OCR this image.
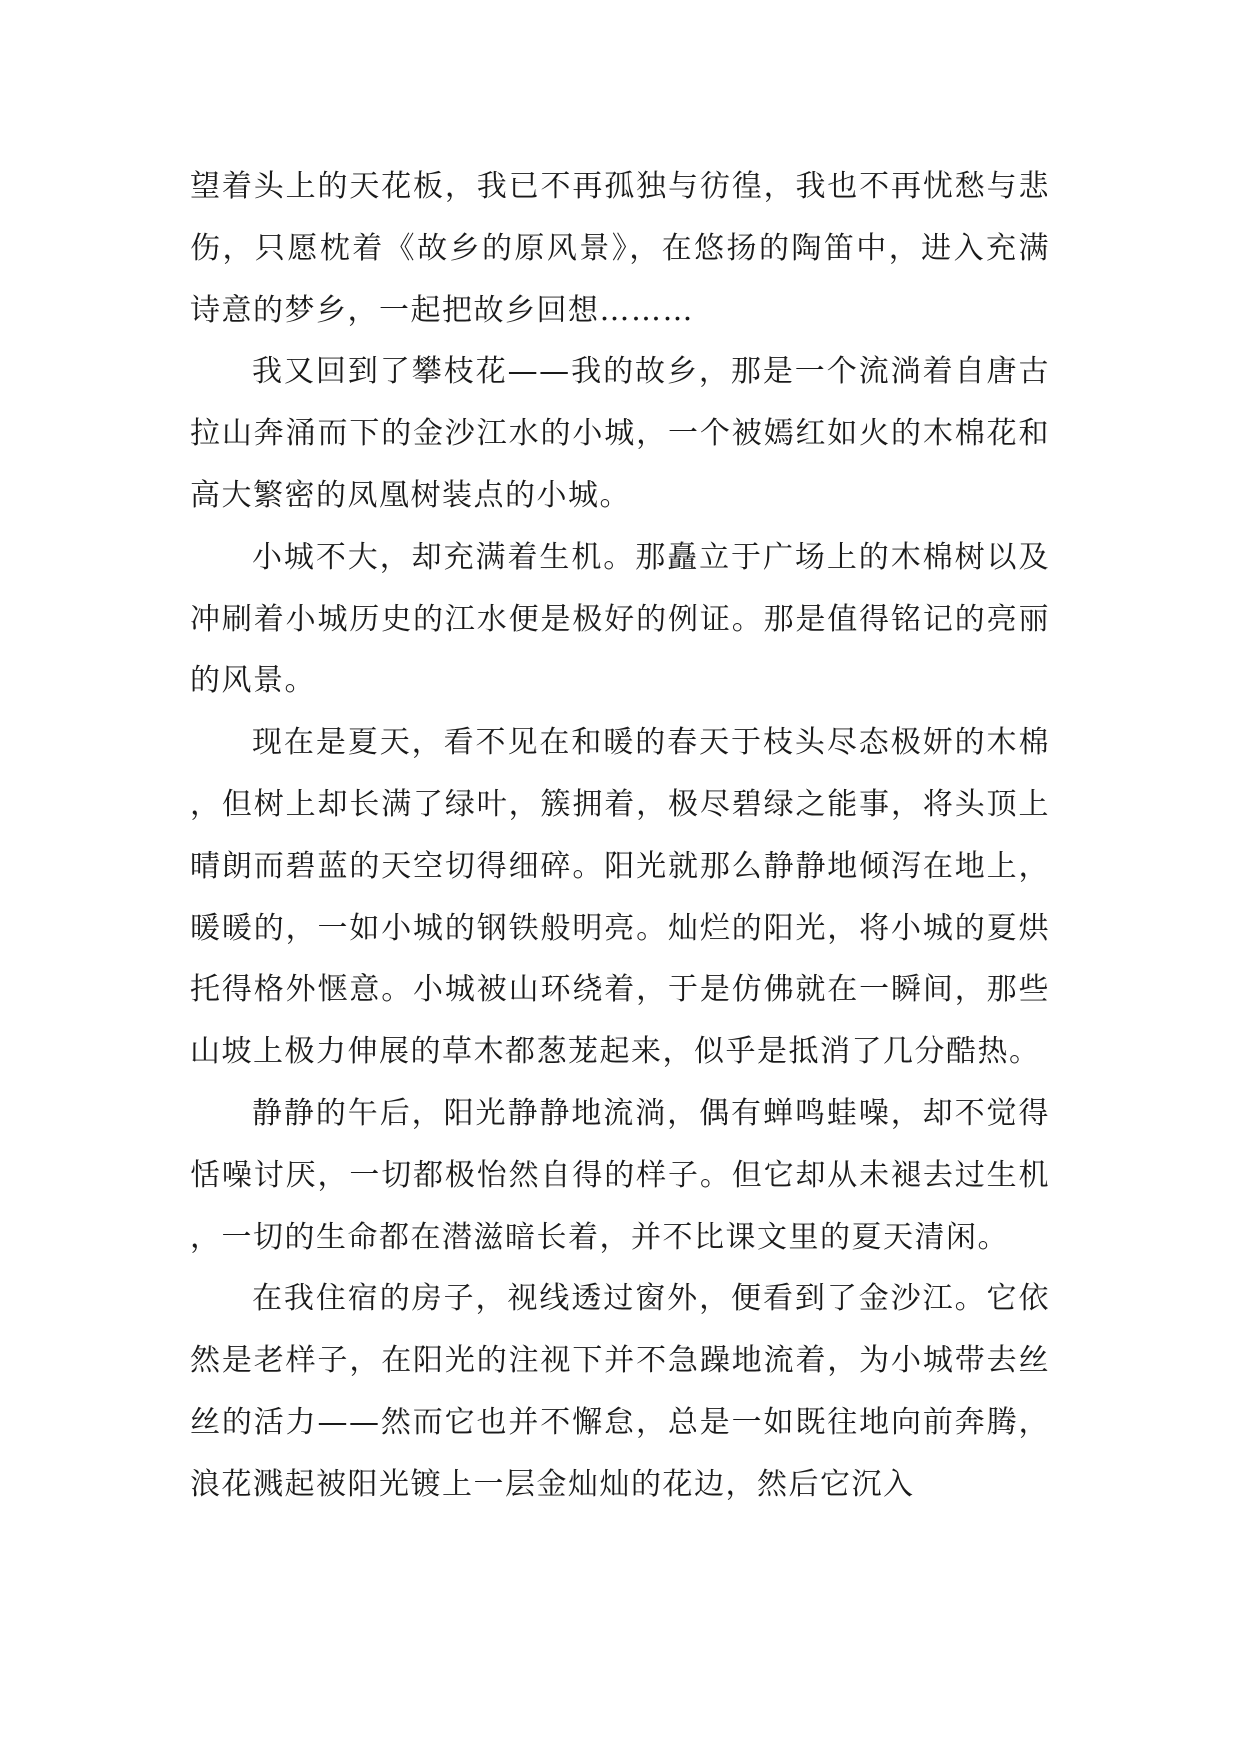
望着头上的天花板，我已不再孤独与彷徨，我也不再忧愁与悲伤，只愿枕着《故乡的原风景》，在悠扬的陶笛中，进入充满诗意的梦乡，一起把故乡回想………

我又回到了攀枝花——我的故乡，那是一个流淌着自唐古拉山奔涌而下的金沙江水的小城，一个被嫣红如火的木棉花和高大繁密的凤凰树装点的小城。

小城不大，却充满着生机。那矗立于广场上的木棉树以及冲刷着小城历史的江水便是极好的例证。那是值得铭记的亮丽的风景。

现在是夏天，看不见在和暖的春天于枝头尽态极妍的木棉，但树上却长满了绿叶，簇拥着，极尽碧绿之能事，将头顶上晴朗而碧蓝的天空切得细碎。阳光就那么静静地倾泻在地上，暖暖的，一如小城的钢铁般明亮。灿烂的阳光，将小城的夏烘托得格外惬意。小城被山环绕着，于是仿佛就在一瞬间，那些山坡上极力伸展的草木都葱茏起来，似乎是抵消了几分酷热。

静静的午后，阳光静静地流淌，偶有蝉鸣蛙噪，却不觉得恬噪讨厌，一切都极怡然自得的样子。但它却从未褪去过生机，一切的生命都在潜滋暗长着，并不比课文里的夏天清闲。

在我住宿的房子，视线透过窗外，便看到了金沙江。它依然是老样子，在阳光的注视下并不急躁地流着，为小城带去丝丝的活力——然而它也并不懈怠，总是一如既往地向前奔腾，浪花溅起被阳光镀上一层金灿灿的花边，然后它沉入
